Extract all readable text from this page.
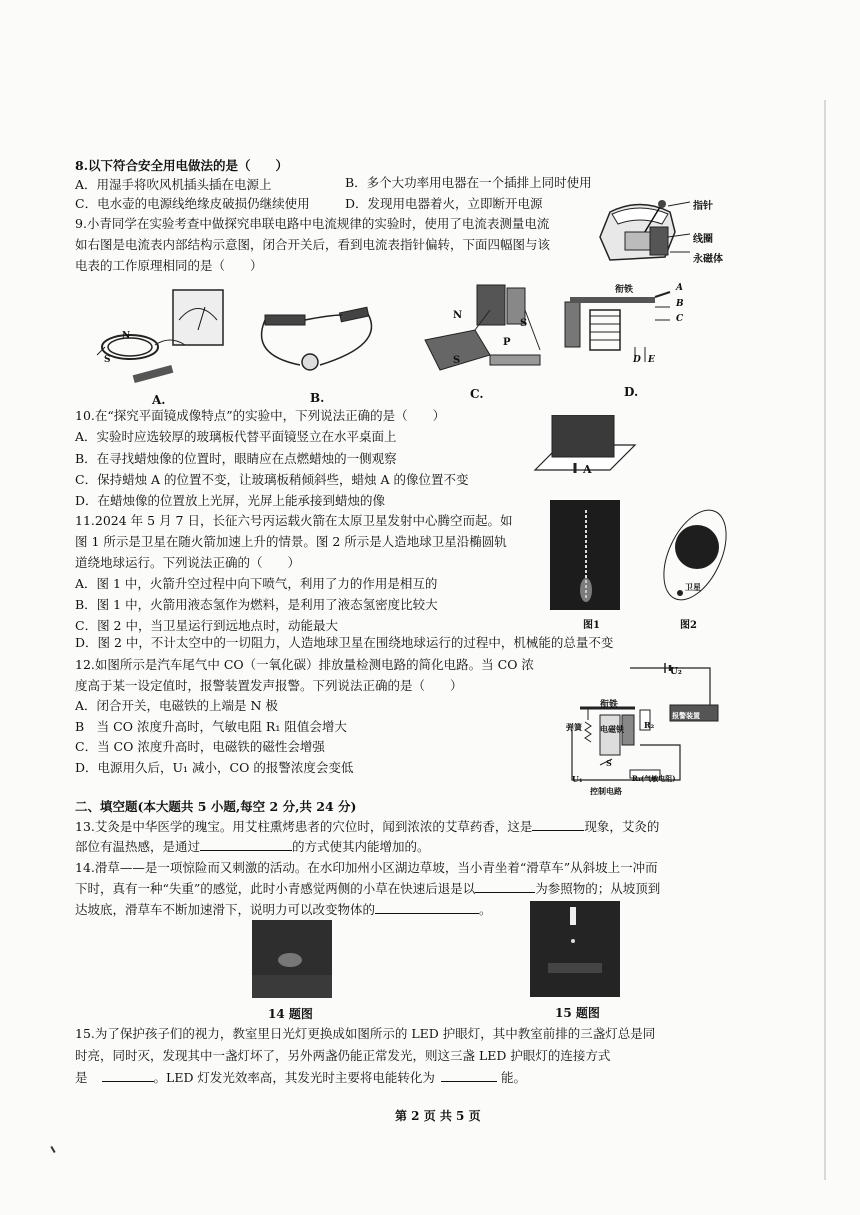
8.以下符合安全用电做法的是（　　）
A．用湿手将吹风机插头插在电源上	B．多个大功率用电器在一个插排上同时使用
C．电水壶的电源线绝缘皮破损仍继续使用	D．发现用电器着火，立即断开电源
9.小青同学在实验考查中做探究串联电路中电流规律的实验时，使用了电流表测量电流
如右图是电流表内部结构示意图，闭合开关后，看到电流表指针偏转，下面四幅图与该
电表的工作原理相同的是（　　）
指针
线圈
永磁体
N
S
A.	B.
N
S
S
P
C.
衔铁	A
B
C
D E
D.
10.在“探究平面镜成像特点”的实验中，下列说法正确的是（　　）
A．实验时应选较厚的玻璃板代替平面镜竖立在水平桌面上
B．在寻找蜡烛像的位置时，眼睛应在点燃蜡烛的一侧观察
C．保持蜡烛 A 的位置不变，让玻璃板稍倾斜些，蜡烛 A 的像位置不变
D．在蜡烛像的位置放上光屏，光屏上能承接到蜡烛的像
A
11.2024 年 5 月 7 日，长征六号丙运载火箭在太原卫星发射中心腾空而起。如
图 1 所示是卫星在随火箭加速上升的情景。图 2 所示是人造地球卫星沿椭圆轨
道绕地球运行。下列说法正确的（　　）
A．图 1 中，火箭升空过程中向下喷气，利用了力的作用是相互的
B．图 1 中，火箭用液态氢作为燃料，是利用了液态氢密度比较大
C．图 2 中，当卫星运行到远地点时，动能最大
D．图 2 中，不计太空中的一切阻力，人造地球卫星在围绕地球运行的过程中，机械能的总量不变
图1
卫星
图2
12.如图所示是汽车尾气中 CO（一氧化碳）排放量检测电路的简化电路。当 CO 浓
度高于某一设定值时，报警装置发声报警。下列说法正确的是（　　）
A．闭合开关，电磁铁的上端是 N 极
B　当 CO 浓度升高时，气敏电阻 R₁ 阻值会增大
C．当 CO 浓度升高时，电磁铁的磁性会增强
D．电源用久后，U₁ 减小，CO 的报警浓度会变低
U₂
衔铁
弹簧 电磁铁	R₂
报警装置
S
U₁	R₁(气敏电阻)
控制电路
二、填空题(本大题共 5 小题,每空 2 分,共 24 分)
13.艾灸是中华医学的瑰宝。用艾柱熏烤患者的穴位时，闻到浓浓的艾草药香，这是	现象，艾灸的
部位有温热感，是通过	的方式使其内能增加的。
14.滑草——是一项惊险而又刺激的活动。在水印加州小区湖边草坡，当小青坐着“滑草车”从斜坡上一冲而
下时，真有一种“失重”的感觉，此时小青感觉两侧的小草在快速后退是以	为参照物的；从坡顶到
达坡底，滑草车不断加速滑下，说明力可以改变物体的	。
14 题图	15 题图
15.为了保护孩子们的视力，教室里日光灯更换成如图所示的 LED 护眼灯，其中教室前排的三盏灯总是同
时亮，同时灭，发现其中一盏灯坏了，另外两盏仍能正常发光，则这三盏 LED 护眼灯的连接方式
是	。LED 灯发光效率高，其发光时主要将电能转化为	能。
第 2 页 共 5 页
